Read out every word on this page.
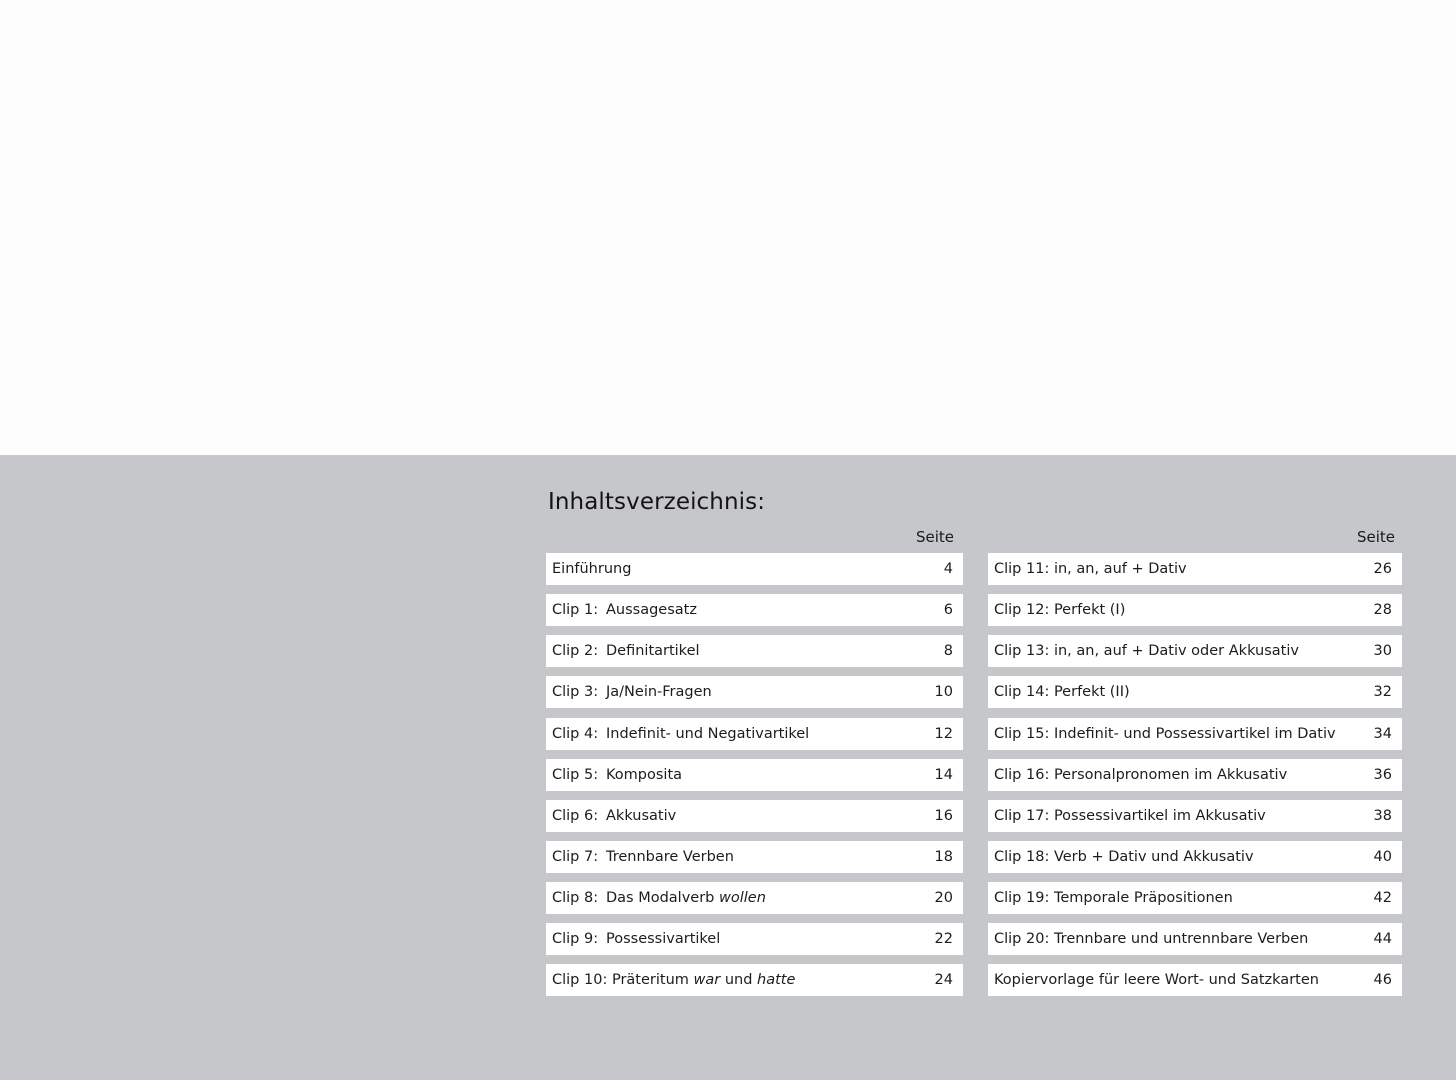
Inhaltsverzeichnis:
Seite	Seite
Einführung	4
Clip 1: Aussagesatz	6
Clip 2: Definitartikel	8
Clip 3: Ja/Nein-Fragen	10
Clip 4: Indefinit- und Negativartikel	12
Clip 5: Komposita	14
Clip 6: Akkusativ	16
Clip 7: Trennbare Verben	18
Clip 8: Das Modalverb wollen	20
Clip 9: Possessivartikel	22
Clip 10: Präteritum war und hatte	24
Clip 11: in, an, auf + Dativ	26
Clip 12: Perfekt (I)	28
Clip 13: in, an, auf + Dativ oder Akkusativ	30
Clip 14: Perfekt (II)	32
Clip 15: Indefinit- und Possessivartikel im Dativ	34
Clip 16: Personalpronomen im Akkusativ	36
Clip 17: Possessivartikel im Akkusativ	38
Clip 18: Verb + Dativ und Akkusativ	40
Clip 19: Temporale Präpositionen	42
Clip 20: Trennbare und untrennbare Verben	44
Kopiervorlage für leere Wort- und Satzkarten	46
